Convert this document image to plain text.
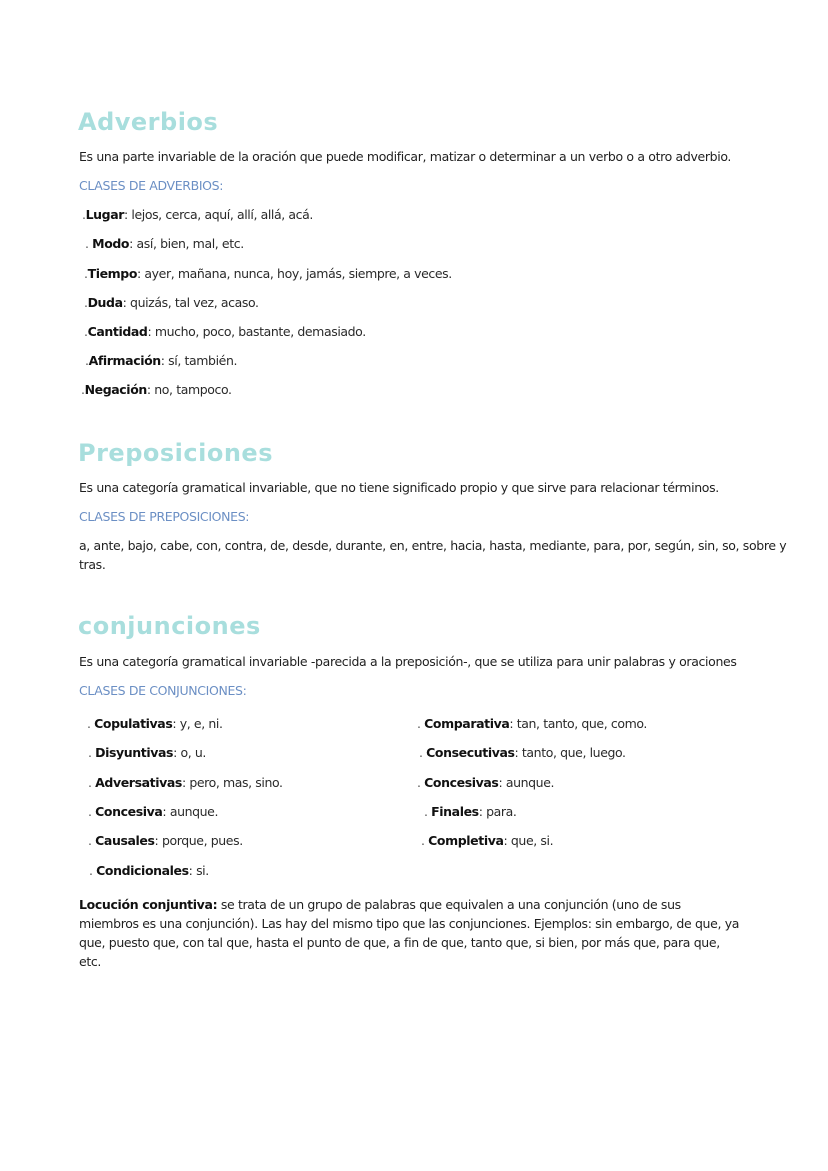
Adverbios
Es una parte invariable de la oración que puede modificar, matizar o determinar a un verbo o a otro adverbio.
CLASES DE ADVERBIOS:
.Lugar: lejos, cerca, aquí, allí, allá, acá.
. Modo: así, bien, mal, etc.
.Tiempo: ayer, mañana, nunca, hoy, jamás, siempre, a veces.
.Duda: quizás, tal vez, acaso.
.Cantidad: mucho, poco, bastante, demasiado.
.Afirmación: sí, también.
.Negación: no, tampoco.
Preposiciones
Es una categoría gramatical invariable, que no tiene significado propio y que sirve para relacionar términos.
CLASES DE PREPOSICIONES:
a, ante, bajo, cabe, con, contra, de, desde, durante, en, entre, hacia, hasta, mediante, para, por, según, sin, so, sobre y
tras.
conjunciones
Es una categoría gramatical invariable -parecida a la preposición-, que se utiliza para unir palabras y oraciones
CLASES DE CONJUNCIONES:
. Copulativas: y, e, ni.
. Disyuntivas: o, u.
. Adversativas: pero, mas, sino.
. Concesiva: aunque.
. Causales: porque, pues.
. Condicionales: si.
. Comparativa: tan, tanto, que, como.
. Consecutivas: tanto, que, luego.
. Concesivas: aunque.
. Finales: para.
. Completiva: que, si.

Locución conjuntiva: se trata de un grupo de palabras que equivalen a una conjunción (uno de sus miembros es una conjunción). Las hay del mismo tipo que las conjunciones. Ejemplos: sin embargo, de que, ya que, puesto que, con tal que, hasta el punto de que, a fin de que, tanto que, si bien, por más que, para que, etc.
